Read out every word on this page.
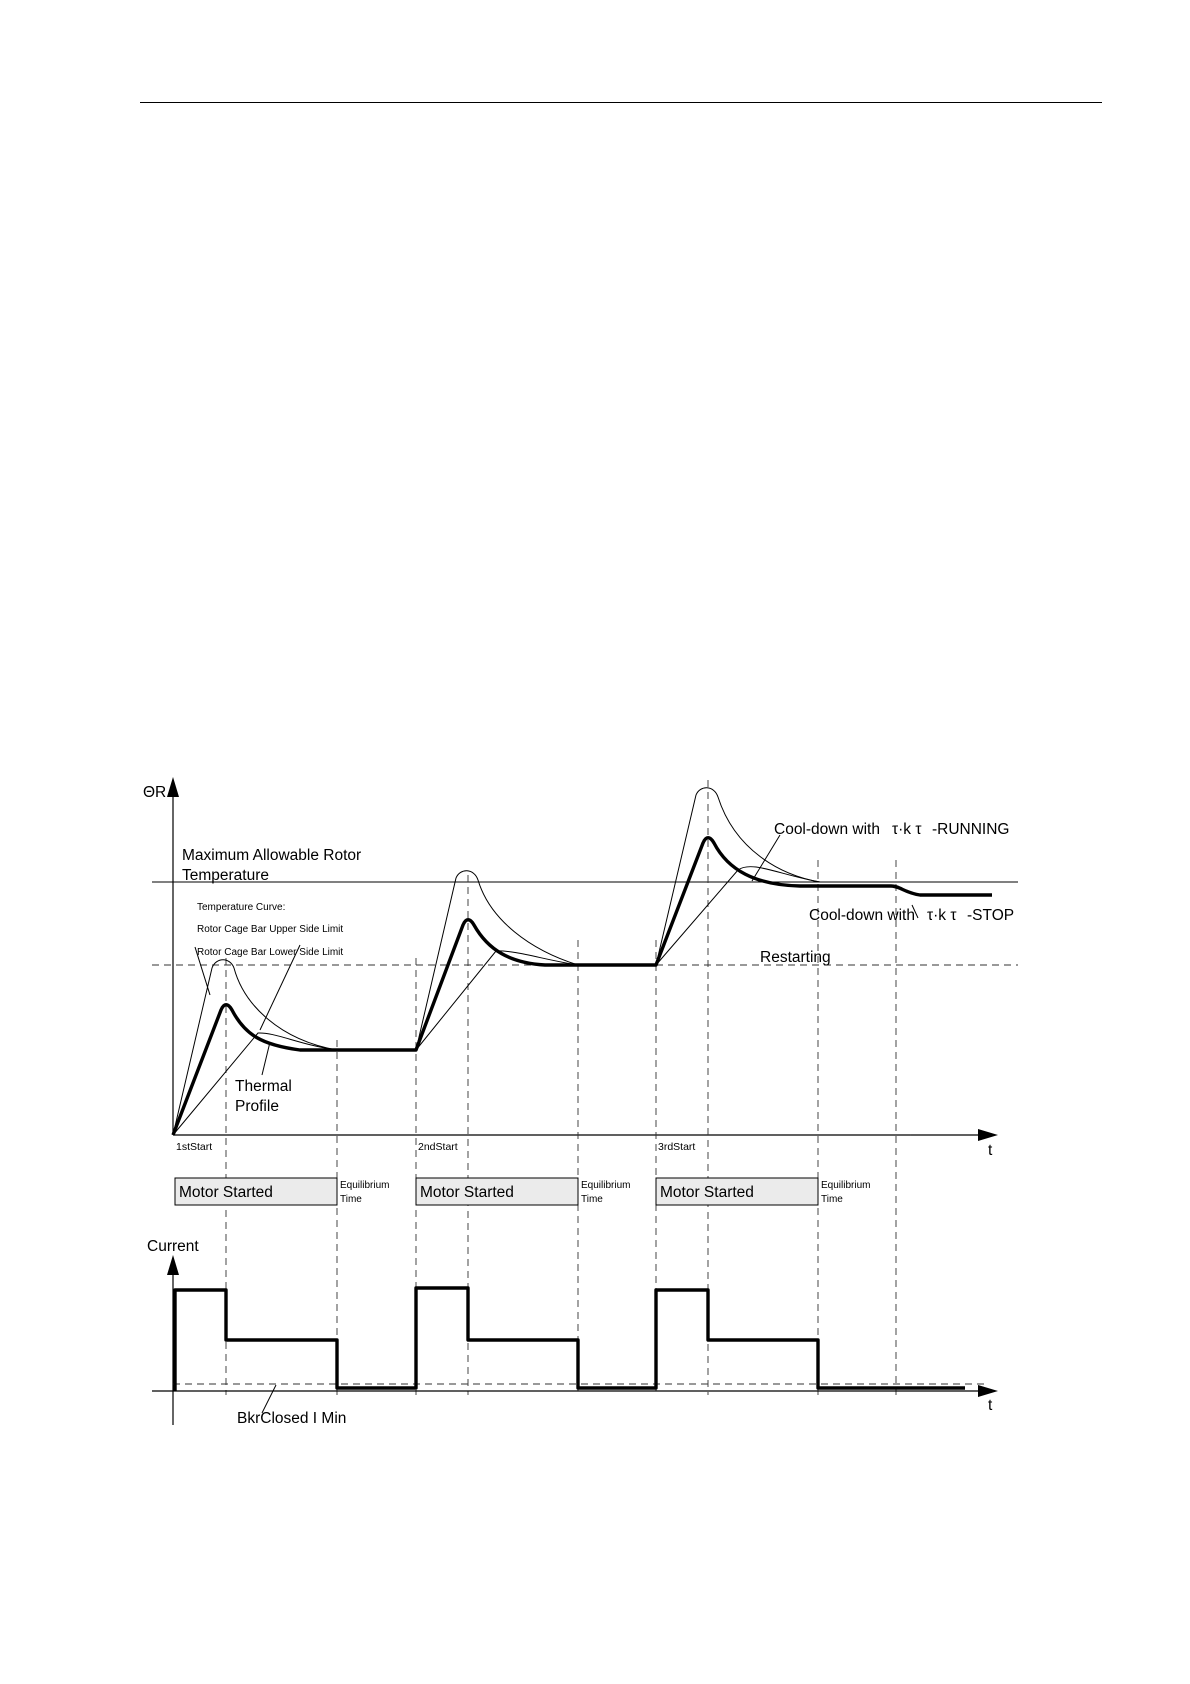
ΘR
t
Maximum Allowable Rotor
Temperature
Temperature Curve:
Rotor Cage Bar Upper Side Limit
Rotor Cage Bar Lower Side Limit
Thermal
Profile
Restarting
Cool-down with τ·k τ -RUNNING
Cool-down with τ·k τ -STOP
1stStart	2ndStart	3rdStart
Motor Started	Motor Started	Motor Started
Equilibrium
Time
Equilibrium
Time
Equilibrium
Time
Current
t
BkrClosed I Min
